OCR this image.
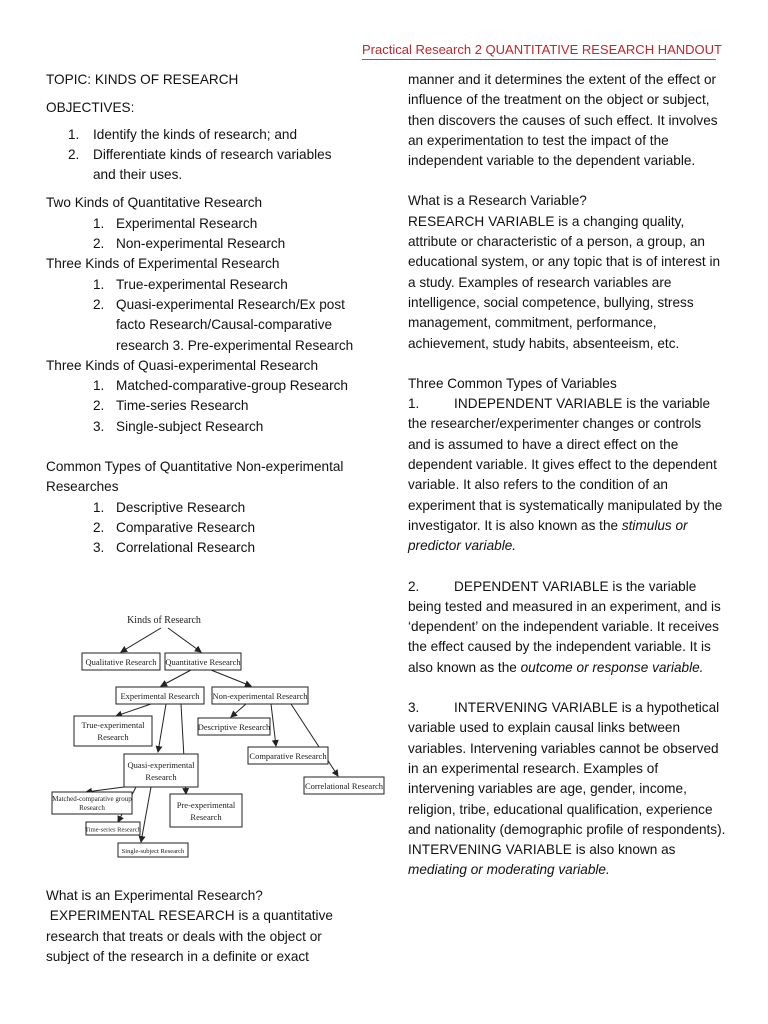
Practical Research 2 QUANTITATIVE RESEARCH HANDOUT
TOPIC: KINDS OF RESEARCH
OBJECTIVES:
1. Identify the kinds of research; and
2. Differentiate kinds of research variables and their uses.
Two Kinds of Quantitative Research
1. Experimental Research
2. Non-experimental Research
Three Kinds of Experimental Research
1. True-experimental Research
2. Quasi-experimental Research/Ex post facto Research/Causal-comparative research 3. Pre-experimental Research
Three Kinds of Quasi-experimental Research
1. Matched-comparative-group Research
2. Time-series Research
3. Single-subject Research
Common Types of Quantitative Non-experimental Researches
1. Descriptive Research
2. Comparative Research
3. Correlational Research
Kinds of Research
Qualitative Research Quantitative Research
Experimental Research Non-experimental Research
True-experimental
Research
Quasi-experimental
Research
Descriptive Research
Comparative Research
Correlational Research
Matched-comparative group
Research	Pre-experimental
Research
Time-series Research
Single-subject Research
What is an Experimental Research?
EXPERIMENTAL RESEARCH is a quantitative research that treats or deals with the object or subject of the research in a definite or exact
manner and it determines the extent of the effect or influence of the treatment on the object or subject, then discovers the causes of such effect. It involves an experimentation to test the impact of the independent variable to the dependent variable.
What is a Research Variable?
RESEARCH VARIABLE is a changing quality, attribute or characteristic of a person, a group, an educational system, or any topic that is of interest in a study. Examples of research variables are intelligence, social competence, bullying, stress management, commitment, performance, achievement, study habits, absenteeism, etc.
Three Common Types of Variables
1.	INDEPENDENT VARIABLE is the variable the researcher/experimenter changes or controls and is assumed to have a direct effect on the dependent variable. It gives effect to the dependent variable. It also refers to the condition of an experiment that is systematically manipulated by the investigator. It is also known as the stimulus or predictor variable.
2.	DEPENDENT VARIABLE is the variable being tested and measured in an experiment, and is ‘dependent’ on the independent variable. It receives the effect caused by the independent variable. It is also known as the outcome or response variable.
3.	INTERVENING VARIABLE is a hypothetical variable used to explain causal links between variables. Intervening variables cannot be observed in an experimental research. Examples of intervening variables are age, gender, income, religion, tribe, educational qualification, experience and nationality (demographic profile of respondents).
INTERVENING VARIABLE is also known as mediating or moderating variable.
